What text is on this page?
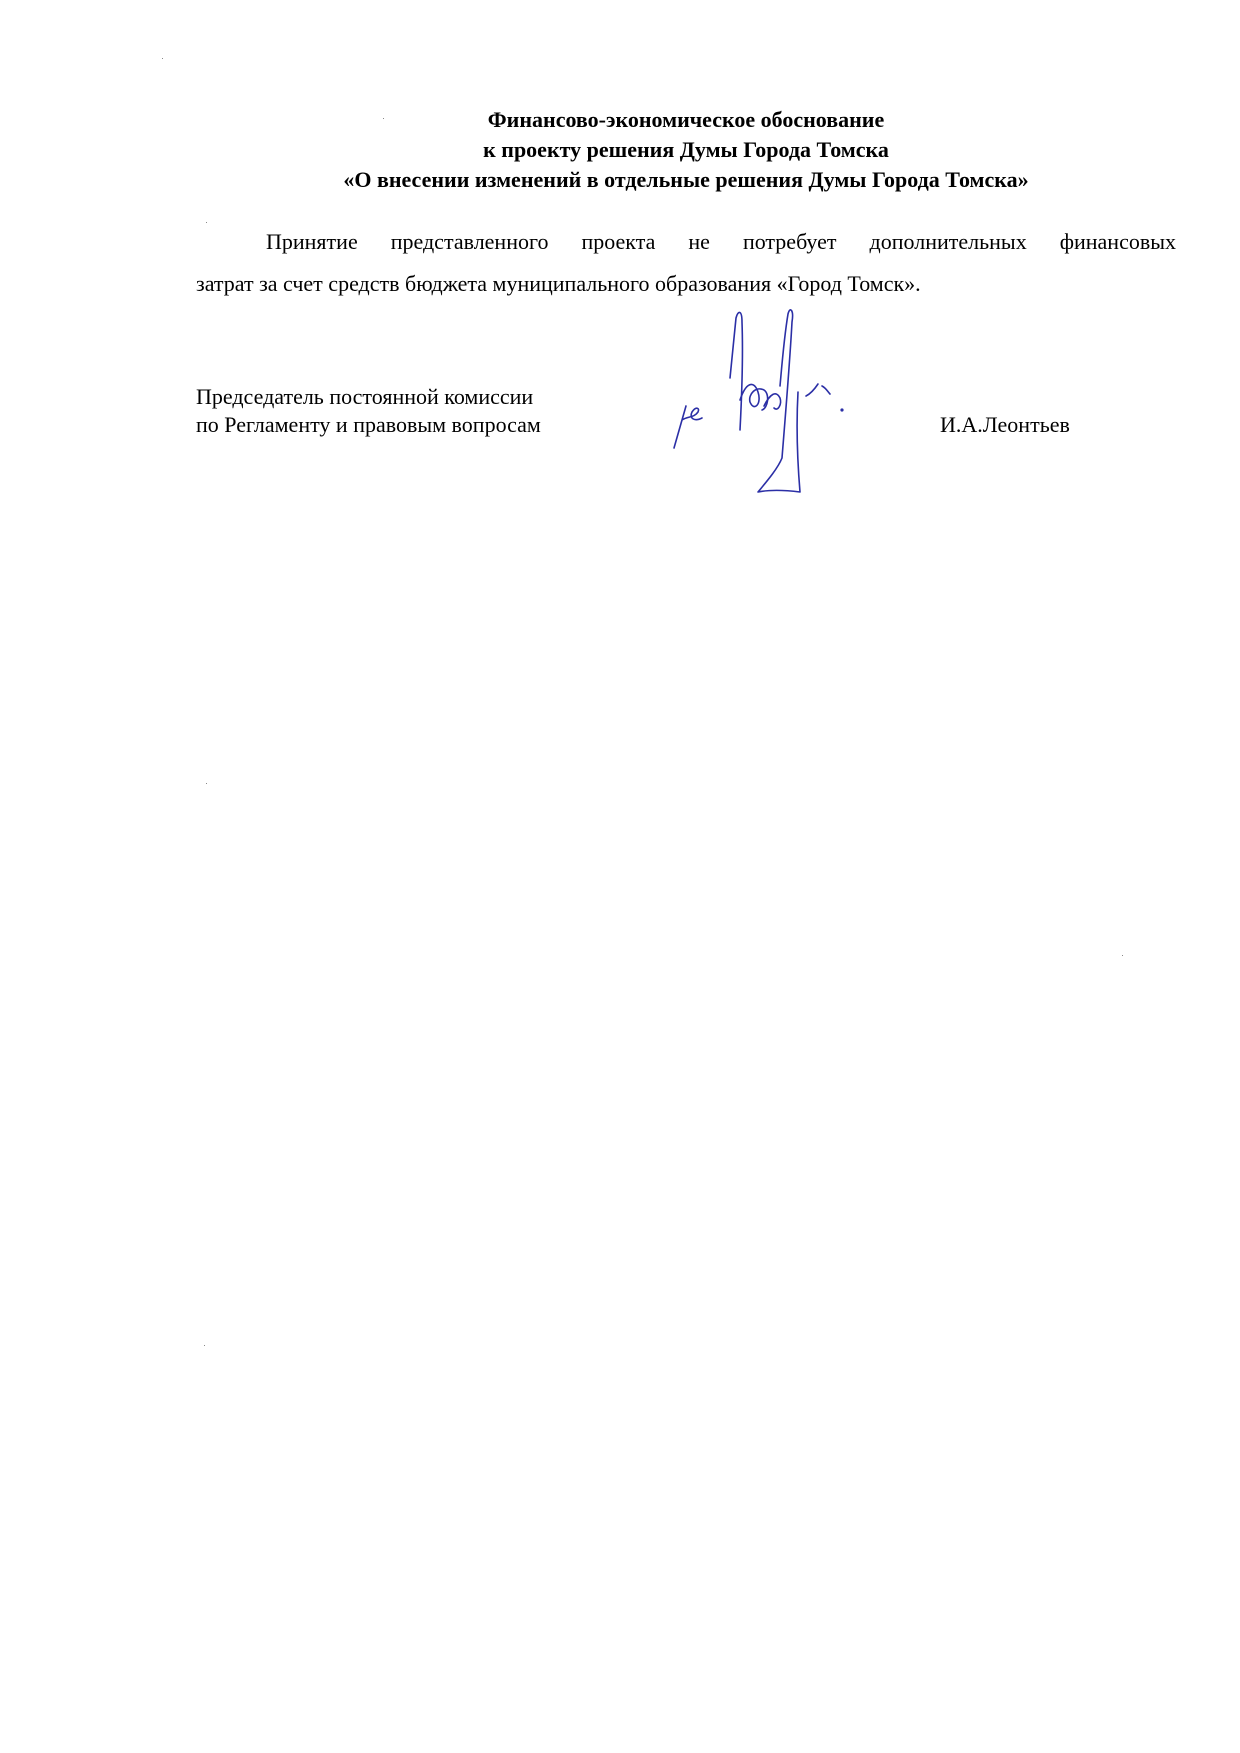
Финансово-экономическое обоснование
к проекту решения Думы Города Томска
«О внесении изменений в отдельные решения Думы Города Томска»
Принятие представленного проекта не потребует дополнительных финансовых
затрат за счет средств бюджета муниципального образования «Город Томск».
Председатель постоянной комиссии
по Регламенту и правовым вопросам	И.А.Леонтьев
